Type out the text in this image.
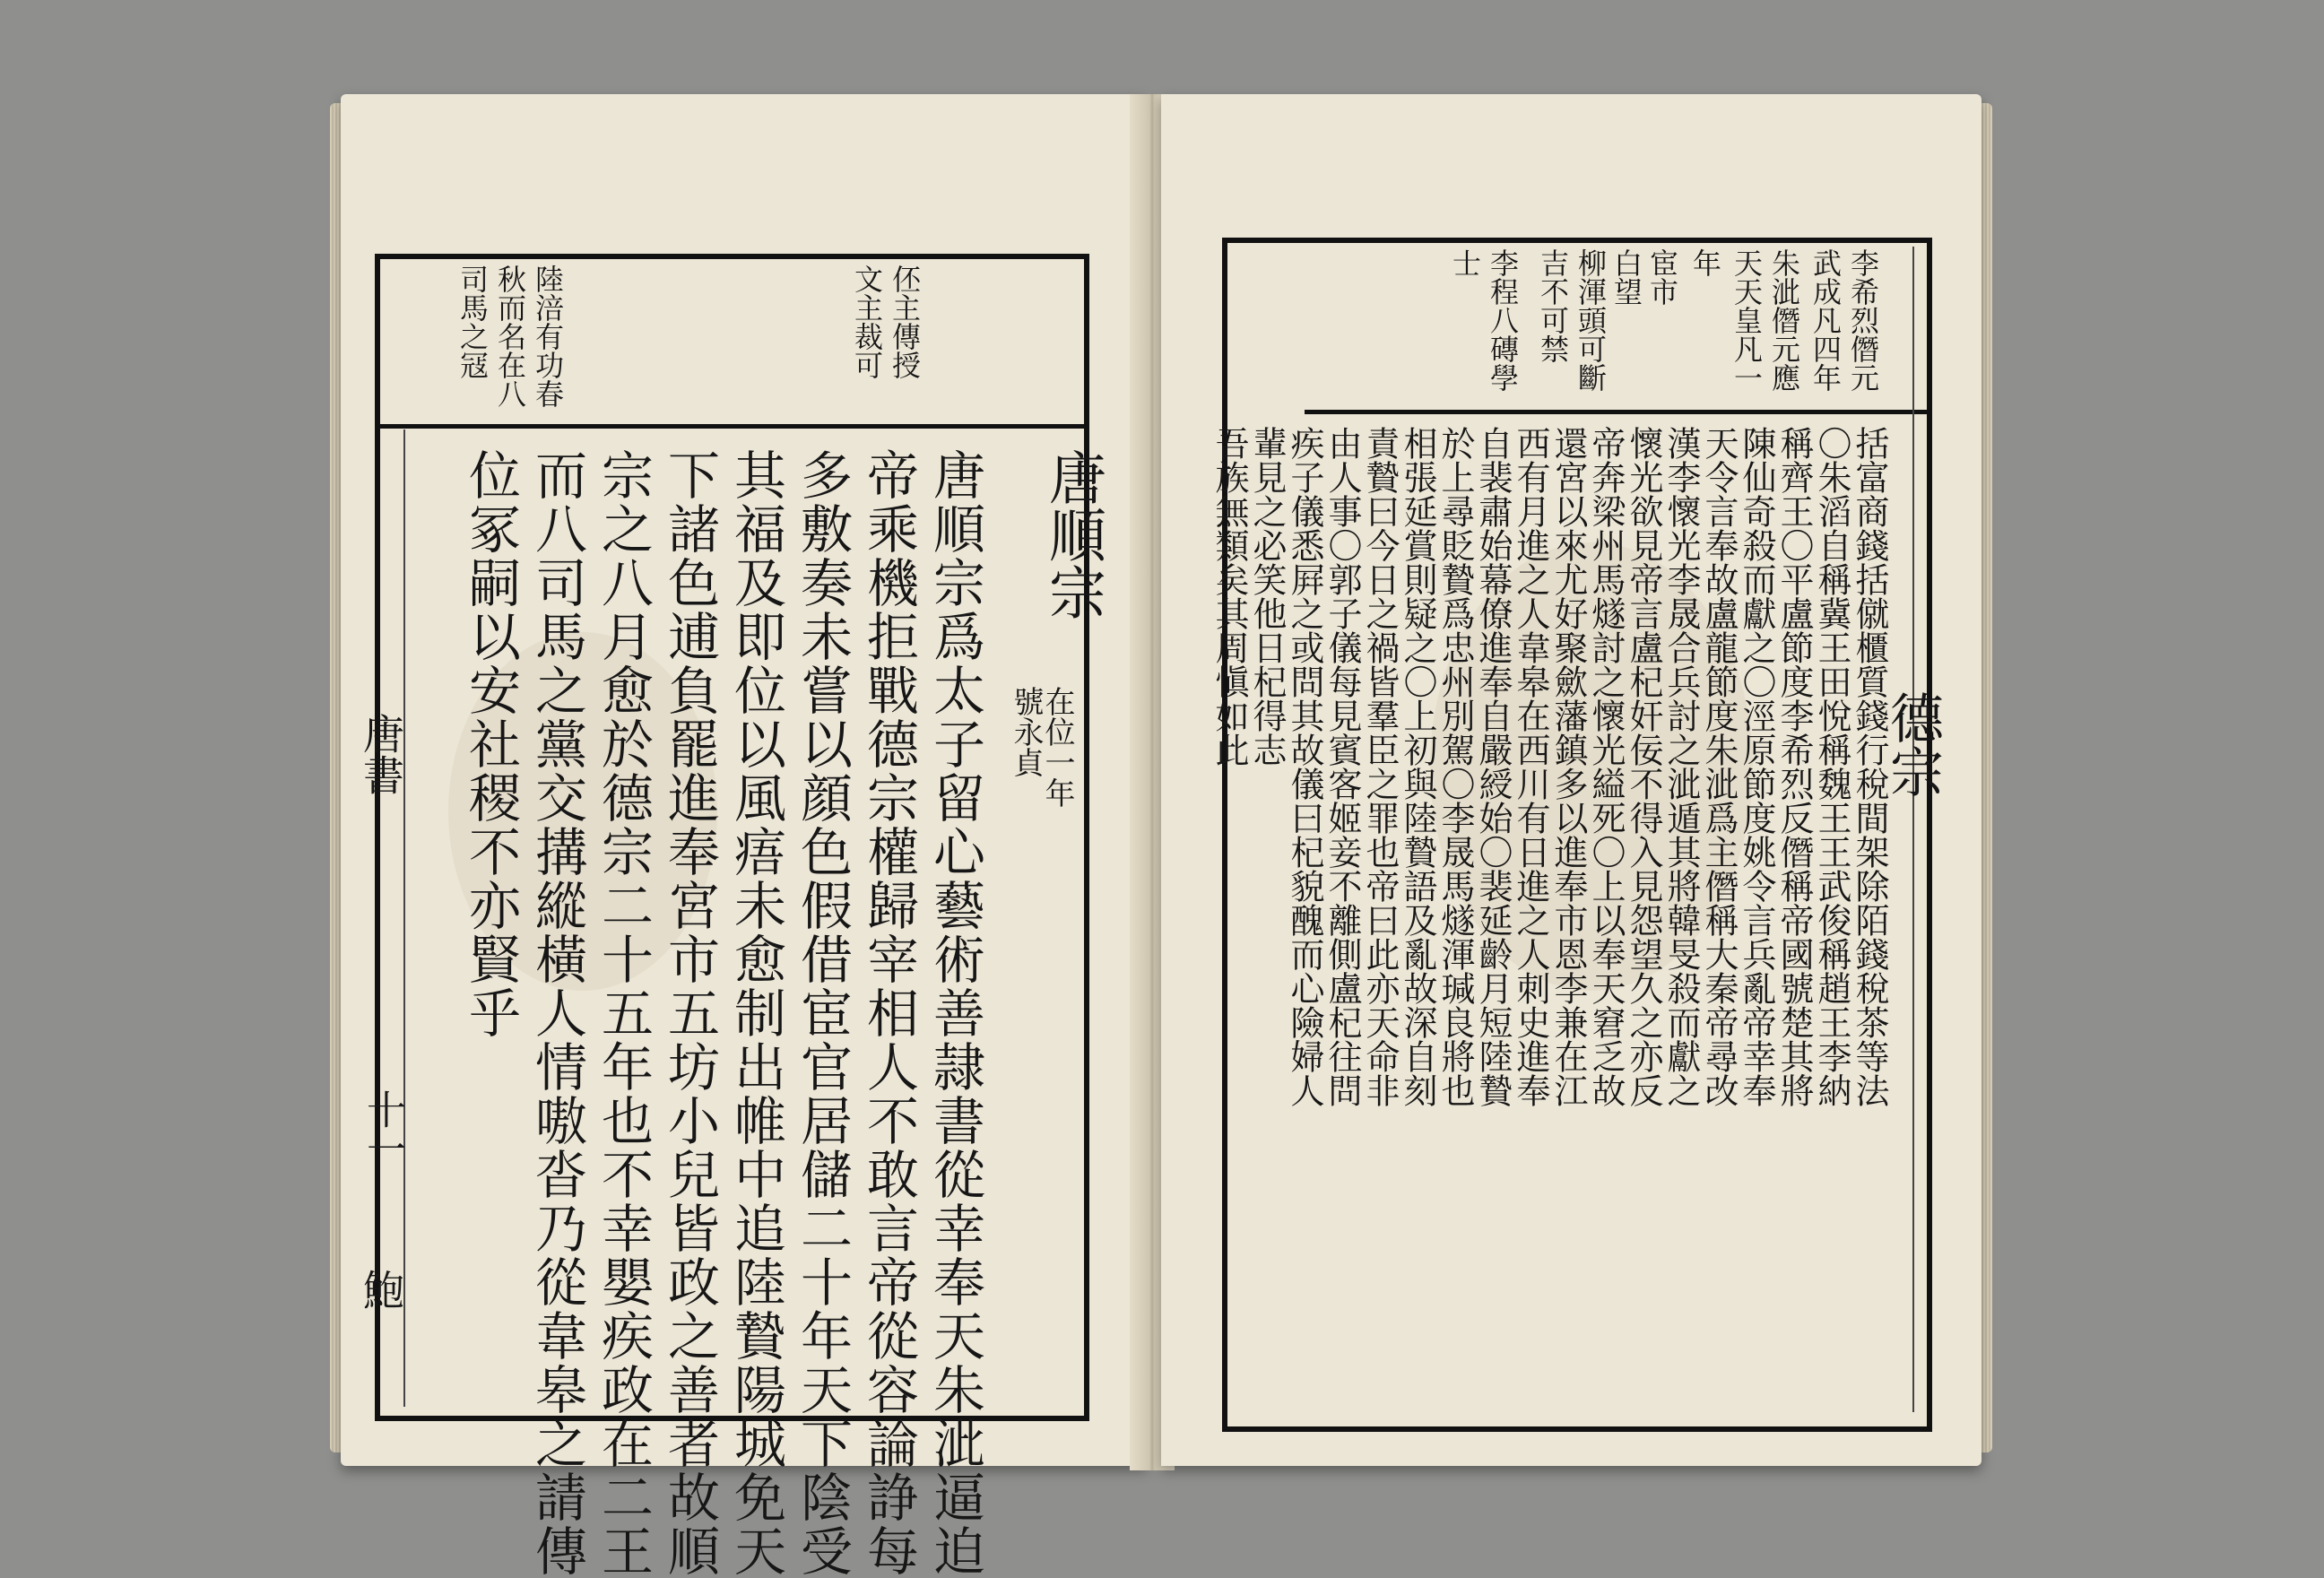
伾主傳授
文主裁可
陸涪有功春
秋而名在八
司馬之冦
唐順宗
在位一年
號永貞
唐順宗爲太子留心藝術善隷書從幸奉天朱泚逼迫
帝乘機拒戰德宗權歸宰相人不敢言帝從容論諍每
多敷奏未嘗以顔色假借宦官居儲二十年天下陰受
其福及即位以風痦未愈制出帷中追陸贄陽城免天
下諸色逋負罷進奉宮市五坊小兒皆政之善者故順
宗之八月愈於德宗二十五年也不幸嬰疾政在二王
而八司馬之黨交搆縱橫人情嗷沓乃從韋皋之請傳
位冢嗣以安社稷不亦賢乎
唐書
十一
鮑
李希烈僭元
武成凡四年
朱泚僭元應
天天皇凡一
年
宦市
白望
柳渾頭可斷
吉不可禁
李程八磚學
士
德宗
括富商錢括僦櫃質錢行稅間架除陌錢稅茶等法
〇朱滔自稱冀王田悅稱魏王王武俊稱趙王李納
稱齊王〇平盧節度李希烈反僭稱帝國號楚其將
陳仙奇殺而獻之〇涇原節度姚令言兵亂帝幸奉
天令言奉故盧龍節度朱泚爲主僭稱大秦帝尋改
漢李懷光李晟合兵討之泚遁其將韓旻殺而獻之
懷光欲見帝言盧杞奸佞不得入見怨望久之亦反
帝奔梁州馬燧討之懷光縊死〇上以奉天窘乏故
還宮以來尤好聚歛藩鎮多以進奉市恩李兼在江
西有月進之人韋皋在西川有日進之人刺史進奉
自裴肅始幕僚進奉自嚴綬始〇裴延齡月短陸贄
於上尋貶贄爲忠州別駕〇李晟馬燧渾瑊良將也
相張延賞則疑之〇上初與陸贄語及亂故深自刻
責贄曰今日之禍皆羣臣之罪也帝曰此亦天命非
由人事〇郭子儀每見賓客姬妾不離側盧杞往問
疾子儀悉屛之或問其故儀曰杞貌醜而心險婦人
輩見之必笑他日杞得志
吾族無類矣其周愼如此
